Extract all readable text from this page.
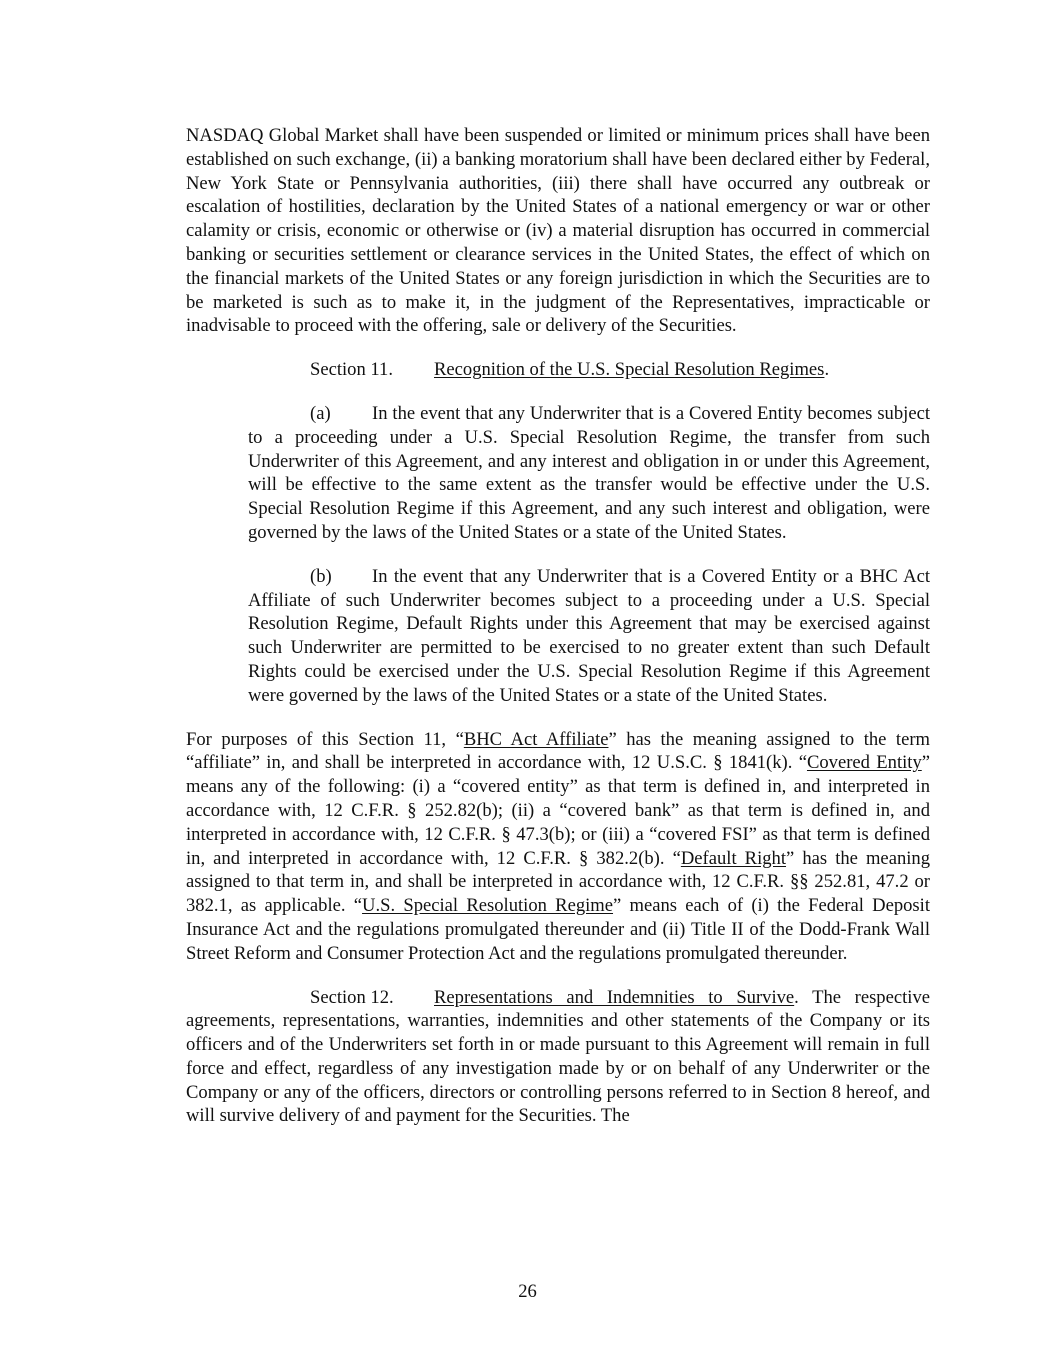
NASDAQ Global Market shall have been suspended or limited or minimum prices shall have been established on such exchange, (ii) a banking moratorium shall have been declared either by Federal, New York State or Pennsylvania authorities, (iii) there shall have occurred any outbreak or escalation of hostilities, declaration by the United States of a national emergency or war or other calamity or crisis, economic or otherwise or (iv) a material disruption has occurred in commercial banking or securities settlement or clearance services in the United States, the effect of which on the financial markets of the United States or any foreign jurisdiction in which the Securities are to be marketed is such as to make it, in the judgment of the Representatives, impracticable or inadvisable to proceed with the offering, sale or delivery of the Securities.

Section 11. Recognition of the U.S. Special Resolution Regimes.

(a) In the event that any Underwriter that is a Covered Entity becomes subject to a proceeding under a U.S. Special Resolution Regime, the transfer from such Underwriter of this Agreement, and any interest and obligation in or under this Agreement, will be effective to the same extent as the transfer would be effective under the U.S. Special Resolution Regime if this Agreement, and any such interest and obligation, were governed by the laws of the United States or a state of the United States.

(b) In the event that any Underwriter that is a Covered Entity or a BHC Act Affiliate of such Underwriter becomes subject to a proceeding under a U.S. Special Resolution Regime, Default Rights under this Agreement that may be exercised against such Underwriter are permitted to be exercised to no greater extent than such Default Rights could be exercised under the U.S. Special Resolution Regime if this Agreement were governed by the laws of the United States or a state of the United States.

For purposes of this Section 11, “BHC Act Affiliate” has the meaning assigned to the term “affiliate” in, and shall be interpreted in accordance with, 12 U.S.C. § 1841(k). “Covered Entity” means any of the following: (i) a “covered entity” as that term is defined in, and interpreted in accordance with, 12 C.F.R. § 252.82(b); (ii) a “covered bank” as that term is defined in, and interpreted in accordance with, 12 C.F.R. § 47.3(b); or (iii) a “covered FSI” as that term is defined in, and interpreted in accordance with, 12 C.F.R. § 382.2(b). “Default Right” has the meaning assigned to that term in, and shall be interpreted in accordance with, 12 C.F.R. §§ 252.81, 47.2 or 382.1, as applicable. “U.S. Special Resolution Regime” means each of (i) the Federal Deposit Insurance Act and the regulations promulgated thereunder and (ii) Title II of the Dodd-Frank Wall Street Reform and Consumer Protection Act and the regulations promulgated thereunder.

Section 12. Representations and Indemnities to Survive. The respective agreements, representations, warranties, indemnities and other statements of the Company or its officers and of the Underwriters set forth in or made pursuant to this Agreement will remain in full force and effect, regardless of any investigation made by or on behalf of any Underwriter or the Company or any of the officers, directors or controlling persons referred to in Section 8 hereof, and will survive delivery of and payment for the Securities. The

26
